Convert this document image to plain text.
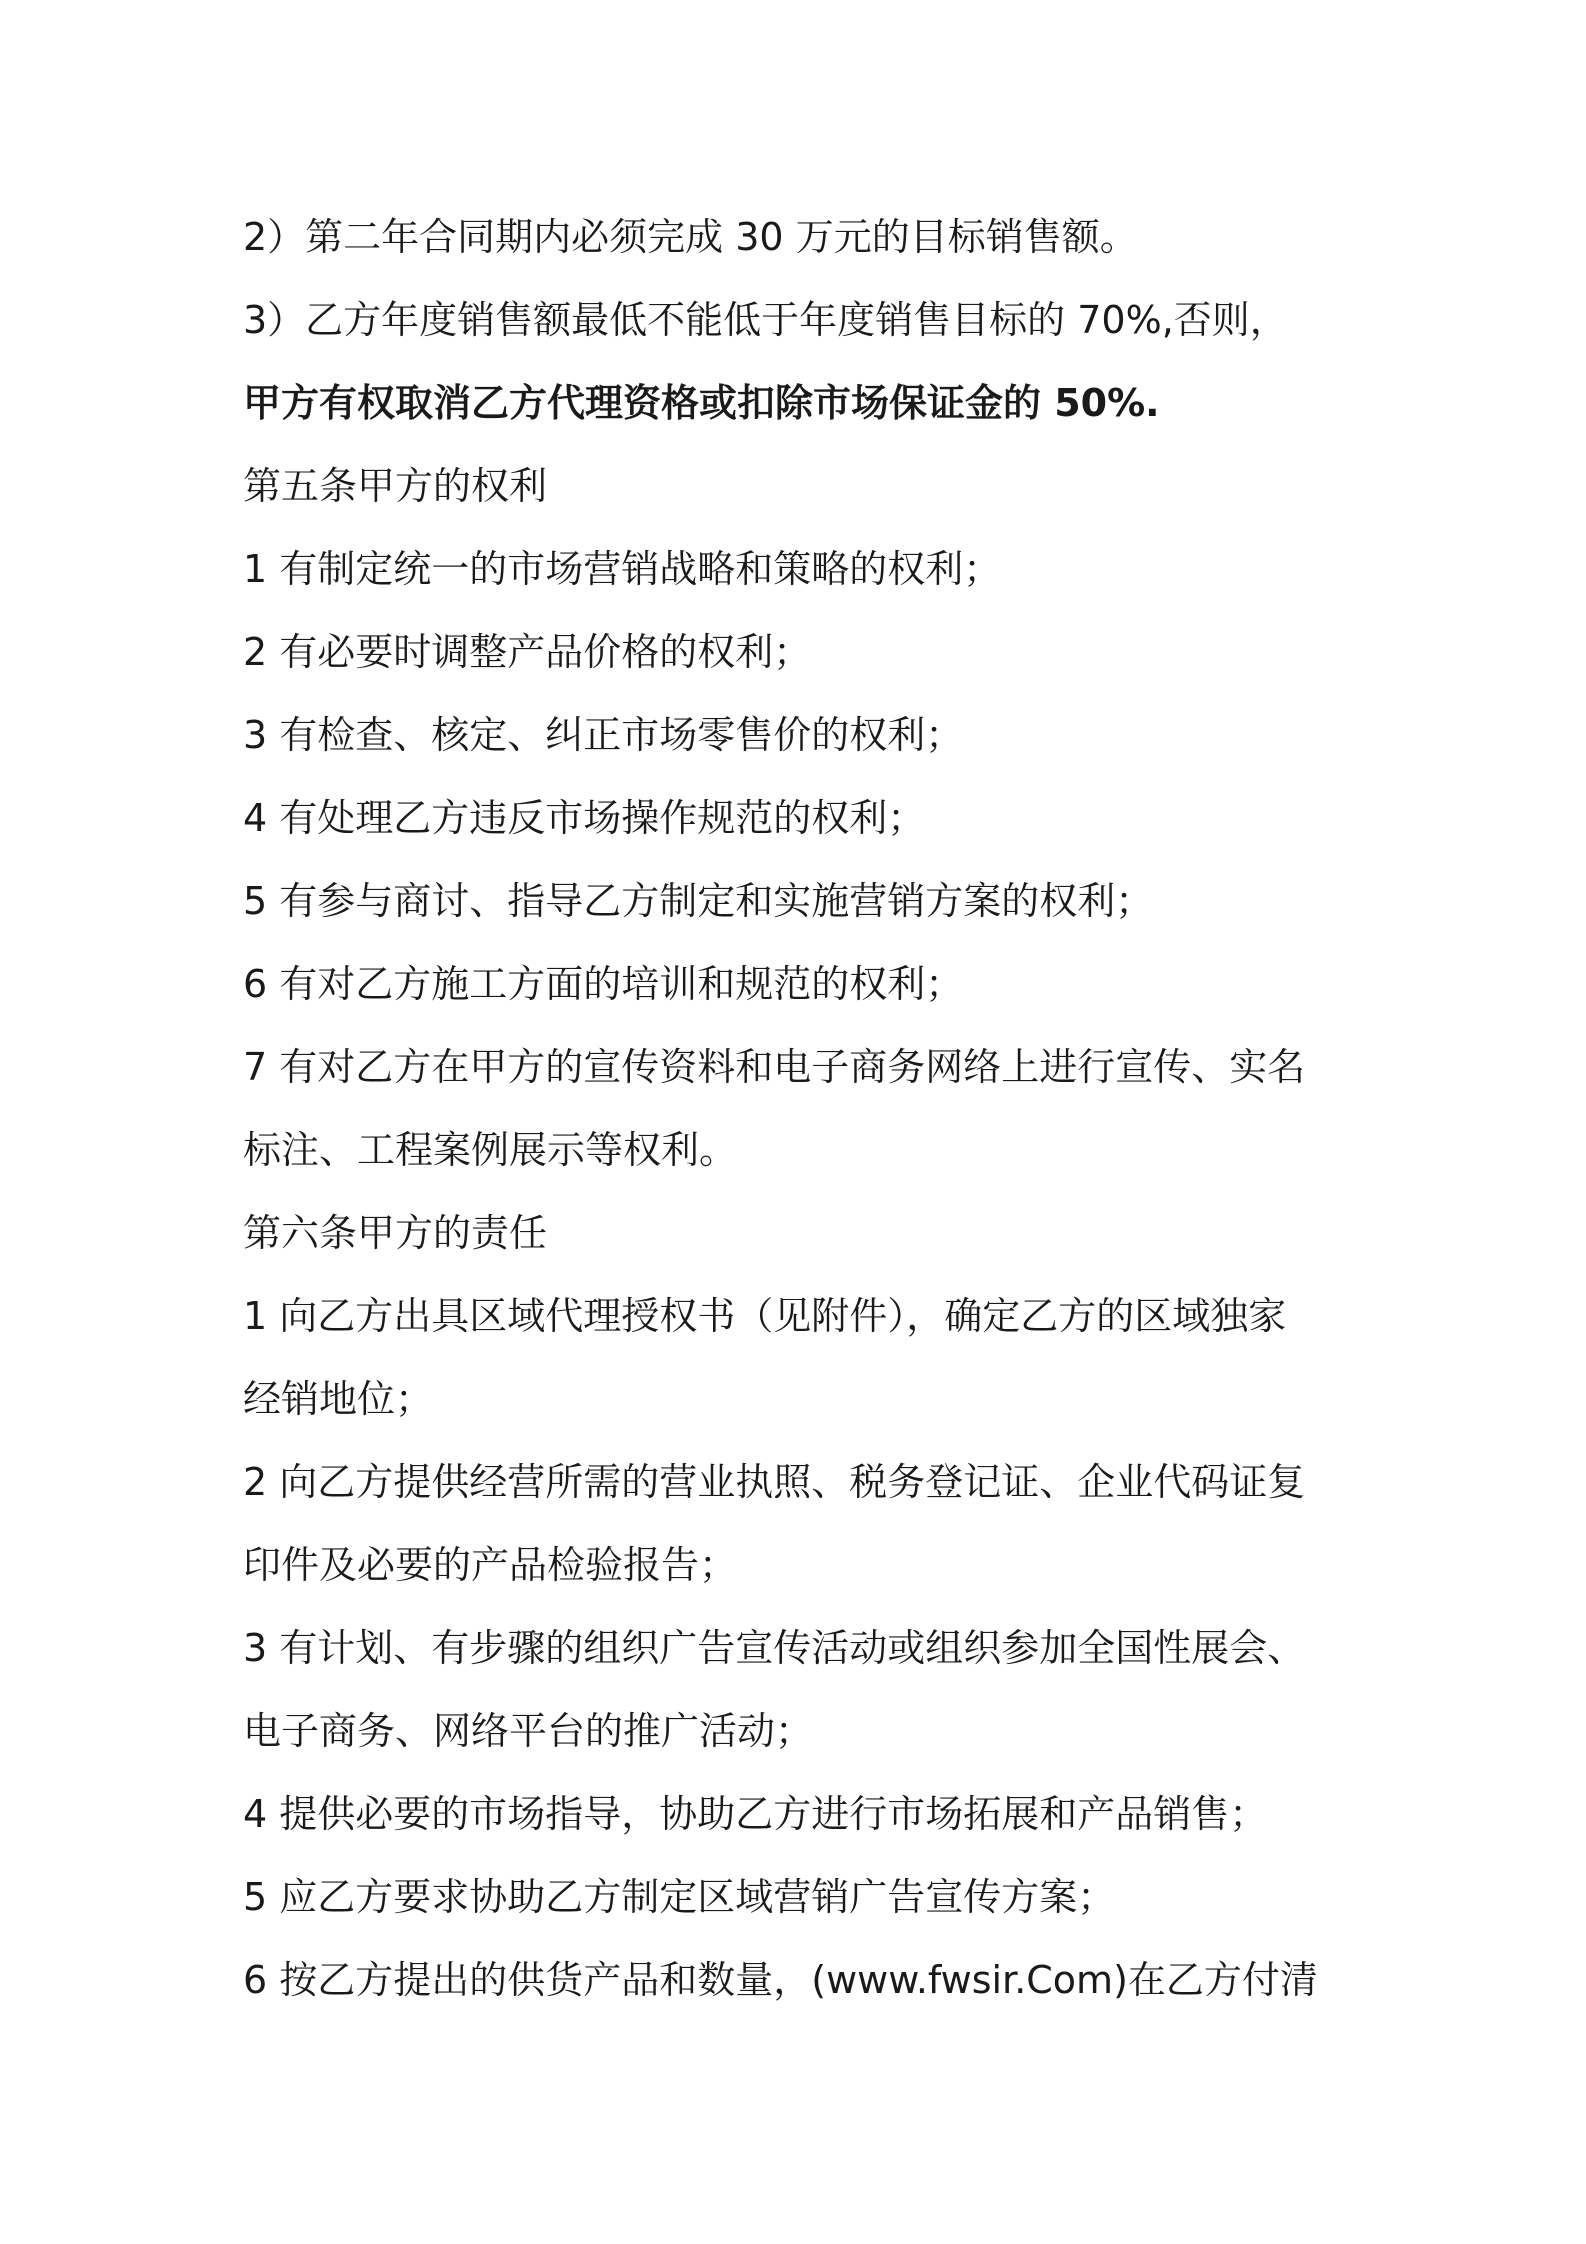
2）第二年合同期内必须完成 30 万元的目标销售额。
3）乙方年度销售额最低不能低于年度销售目标的 70%,否则，
甲方有权取消乙方代理资格或扣除市场保证金的 50%.
第五条甲方的权利
1 有制定统一的市场营销战略和策略的权利；
2 有必要时调整产品价格的权利；
3 有检查、核定、纠正市场零售价的权利；
4 有处理乙方违反市场操作规范的权利；
5 有参与商讨、指导乙方制定和实施营销方案的权利；
6 有对乙方施工方面的培训和规范的权利；
7 有对乙方在甲方的宣传资料和电子商务网络上进行宣传、实名
标注、工程案例展示等权利。
第六条甲方的责任
1 向乙方出具区域代理授权书（见附件），确定乙方的区域独家
经销地位；
2 向乙方提供经营所需的营业执照、税务登记证、企业代码证复
印件及必要的产品检验报告；
3 有计划、有步骤的组织广告宣传活动或组织参加全国性展会、
电子商务、网络平台的推广活动；
4 提供必要的市场指导，协助乙方进行市场拓展和产品销售；
5 应乙方要求协助乙方制定区域营销广告宣传方案；
6 按乙方提出的供货产品和数量，(www.fwsir.Com)在乙方付清
